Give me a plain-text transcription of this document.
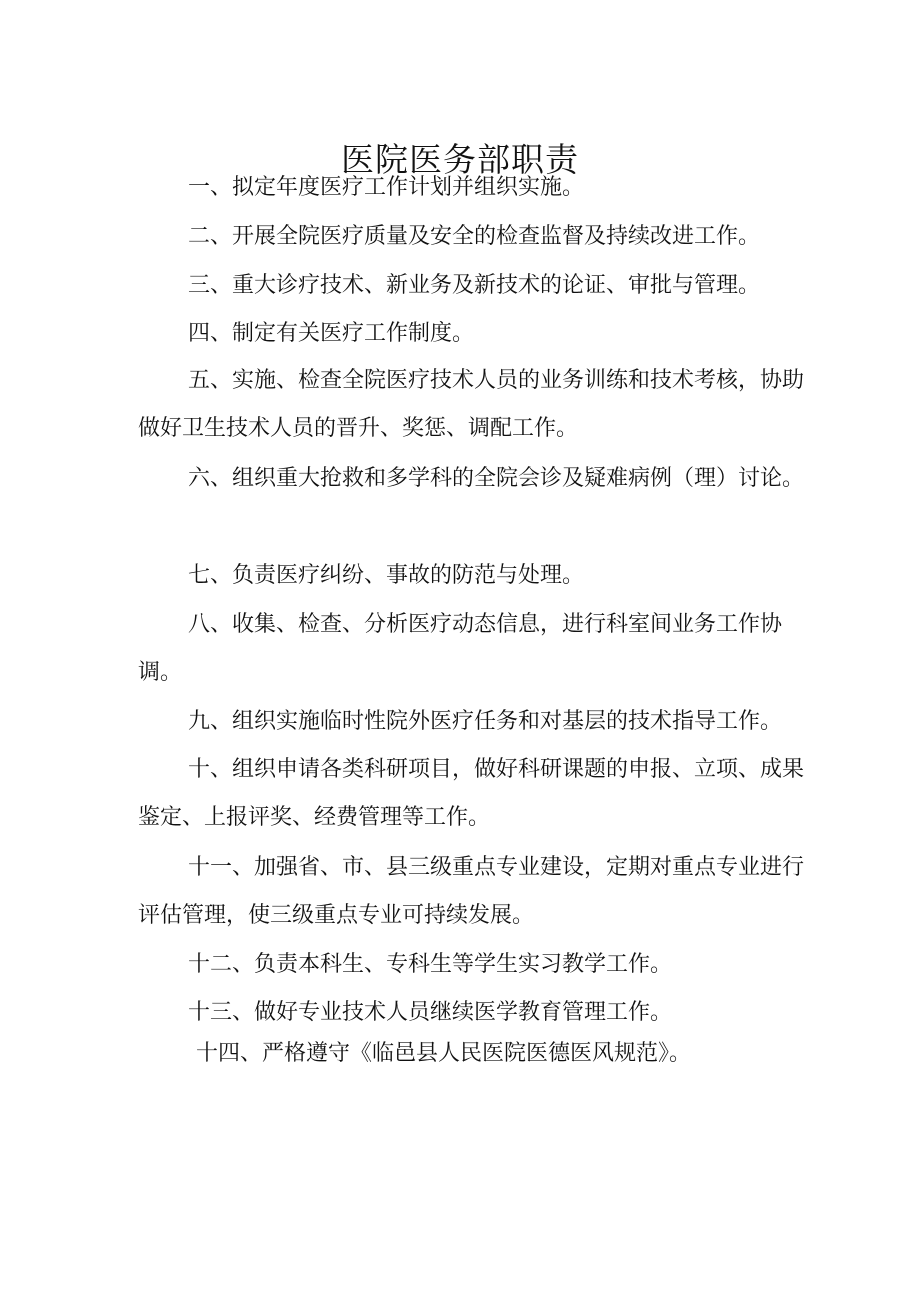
医院医务部职责

一、拟定年度医疗工作计划并组织实施。

二、开展全院医疗质量及安全的检查监督及持续改进工作。

三、重大诊疗技术、新业务及新技术的论证、审批与管理。

四、制定有关医疗工作制度。

五、实施、检查全院医疗技术人员的业务训练和技术考核，协助做好卫生技术人员的晋升、奖惩、调配工作。

六、组织重大抢救和多学科的全院会诊及疑难病例（理）讨论。

七、负责医疗纠纷、事故的防范与处理。

八、收集、检查、分析医疗动态信息，进行科室间业务工作协调。

九、组织实施临时性院外医疗任务和对基层的技术指导工作。

十、组织申请各类科研项目，做好科研课题的申报、立项、成果鉴定、上报评奖、经费管理等工作。

十一、加强省、市、县三级重点专业建设，定期对重点专业进行评估管理，使三级重点专业可持续发展。

十二、负责本科生、专科生等学生实习教学工作。

十三、做好专业技术人员继续医学教育管理工作。

十四、严格遵守《临邑县人民医院医德医风规范》。
